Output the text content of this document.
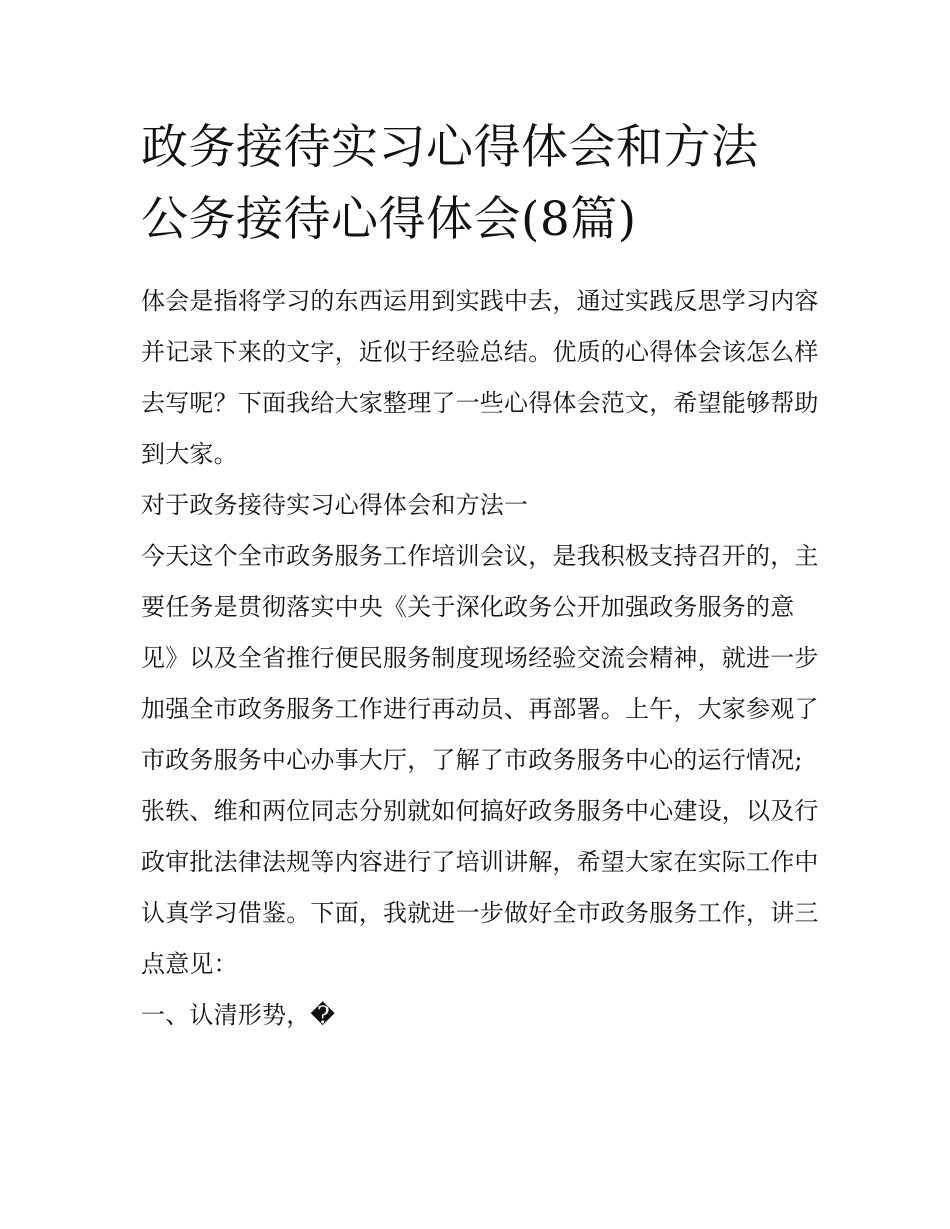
政务接待实习心得体会和方法
公务接待心得体会(8篇)

体会是指将学习的东西运用到实践中去，通过实践反思学习内容并记录下来的文字，近似于经验总结。优质的心得体会该怎么样去写呢？下面我给大家整理了一些心得体会范文，希望能够帮助到大家。

对于政务接待实习心得体会和方法一

今天这个全市政务服务工作培训会议，是我积极支持召开的，主要任务是贯彻落实中央《关于深化政务公开加强政务服务的意见》以及全省推行便民服务制度现场经验交流会精神，就进一步加强全市政务服务工作进行再动员、再部署。上午，大家参观了市政务服务中心办事大厅，了解了市政务服务中心的运行情况;张轶、维和两位同志分别就如何搞好政务服务中心建设，以及行政审批法律法规等内容进行了培训讲解，希望大家在实际工作中认真学习借鉴。下面，我就进一步做好全市政务服务工作，讲三点意见：

一、认清形势，�
